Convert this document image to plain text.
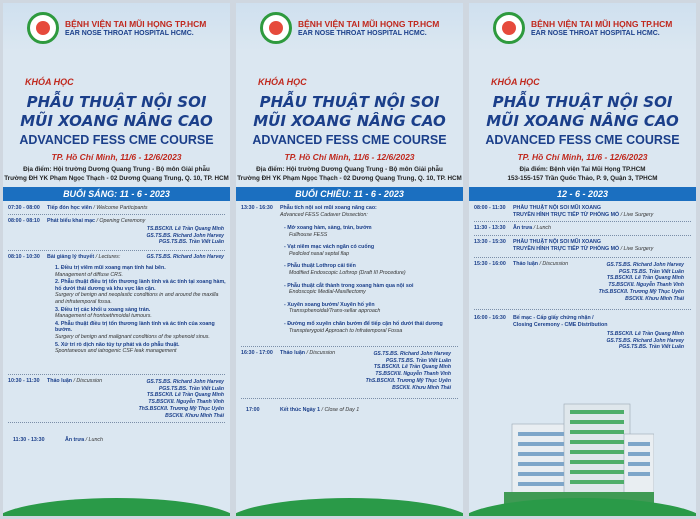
BỆNH VIỆN TAI MŨI HỌNG TP.HCM
EAR NOSE THROAT HOSPITAL HCMC.
KHÓA HỌC
PHẪU THUẬT NỘI SOI
MŨI XOANG NÂNG CAO
ADVANCED FESS CME COURSE
TP. Hồ Chí Minh, 11/6 - 12/6/2023
Địa điểm: Hội trường Dương Quang Trung - Bộ môn Giải phẫu
Trường ĐH YK Phạm Ngọc Thạch - 02 Dương Quang Trung, Q. 10, TP. HCM
BUỔI SÁNG: 11 - 6 - 2023
07:30 - 08:00 Tiếp đón học viên / Welcome Participants
08:00 - 08:10 Phát biểu khai mạc / Opening Ceremony
TS.BSCKII. Lê Trần Quang Minh
GS.TS.BS. Richard John Harvey
PGS.TS.BS. Trần Viết Luân
08:10 - 10:30 Bài giảng lý thuyết / Lectures:	GS.TS.BS. Richard John Harvey
1. Điều trị viêm mũi xoang mạn tính hai bên.
Management of diffuse CRS.
2. Phẫu thuật điều trị tổn thương lành tính và ác tính tại xoang hàm, hố dưới thái dương và khu vực lân cận.
Surgery of benign and neoplastic conditions in and around the maxilla and infratemporal fossa.
3. Điều trị các khối u xoang sàng trán.
Management of frontoethmoidal tumours.
4. Phẫu thuật điều trị tổn thương lành tính và ác tính của xoang bướm.
Surgery of benign and malignant conditions of the sphenoid sinus.
5. Xử trí rò dịch não tủy tự phát và do phẫu thuật.
Spontaneous and iatrogenic CSF leak management
10:30 - 11:30 Thảo luận / Discussion	GS.TS.BS. Richard John Harvey
PGS.TS.BS. Trần Viết Luân
TS.BSCKII. Lê Trần Quang Minh
TS.BSCKII. Nguyễn Thanh Vinh
ThS.BSCKII. Trương Mỹ Thục Uyên
BSCKII. Khưu Minh Thái
11:30 - 13:30	Ăn trưa / Lunch
BỆNH VIỆN TAI MŨI HỌNG TP.HCM
EAR NOSE THROAT HOSPITAL HCMC.
KHÓA HỌC
PHẪU THUẬT NỘI SOI
MŨI XOANG NÂNG CAO
ADVANCED FESS CME COURSE
TP. Hồ Chí Minh, 11/6 - 12/6/2023
Địa điểm: Hội trường Dương Quang Trung - Bộ môn Giải phẫu
Trường ĐH YK Phạm Ngọc Thạch - 02 Dương Quang Trung, Q. 10, TP. HCM
BUỔI CHIỀU: 11 - 6 - 2023
13:30 - 16:30 Phẫu tích nội soi mũi xoang nâng cao:
Advanced FESS Cadaver Dissection:
- Mở xoang hàm, sàng, trán, bướm
Fullhouse FESS
- Vạt niêm mạc vách ngăn có cuống
Pedicled nasal septal flap
- Phẫu thuật Lothrop cải tiến
Modified Endoscopic Lothrop (Draft III Procedure)
- Phẫu thuật cắt thành trong xoang hàm qua nội soi
Endoscopic Medial-Maxillectomy
- Xuyên xoang bướm/ Xuyên hố yên
Transsphenoidal/Trans-sellar approach
- Đường mổ xuyên chân bướm để tiếp cận hố dưới thái dương
Transpterygoid Approach to Infratemporal Fossa
16:30 - 17:00 Thảo luận / Discussion	GS.TS.BS. Richard John Harvey
PGS.TS.BS. Trần Viết Luân
TS.BSCKII. Lê Trần Quang Minh
TS.BSCKII. Nguyễn Thanh Vinh
ThS.BSCKII. Trương Mỹ Thục Uyên
BSCKII. Khưu Minh Thái
17:00	Kết thúc Ngày 1 / Close of Day 1
BỆNH VIỆN TAI MŨI HỌNG TP.HCM
EAR NOSE THROAT HOSPITAL HCMC.
KHÓA HỌC
PHẪU THUẬT NỘI SOI
MŨI XOANG NÂNG CAO
ADVANCED FESS CME COURSE
TP. Hồ Chí Minh, 11/6 - 12/6/2023
Địa điểm: Bệnh viện Tai Mũi Họng TP.HCM
153-155-157 Trần Quốc Thảo, P. 9, Quận 3, TPHCM
12 - 6 - 2023
08:00 - 11:30 PHẪU THUẬT NỘI SOI MŨI XOANG
TRUYỀN HÌNH TRỰC TIẾP TỪ PHÒNG MỔ / Live Surgery
11:30 - 13:30 Ăn trưa / Lunch
13:30 - 15:30 PHẪU THUẬT NỘI SOI MŨI XOANG
TRUYỀN HÌNH TRỰC TIẾP TỪ PHÒNG MỔ / Live Surgery
15:30 - 16:00 Thảo luận / Discussion	GS.TS.BS. Richard John Harvey
PGS.TS.BS. Trần Viết Luân
TS.BSCKII. Lê Trần Quang Minh
TS.BSCKII. Nguyễn Thanh Vinh
ThS.BSCKII. Trương Mỹ Thục Uyên
BSCKII. Khưu Minh Thái
16:00 - 16:30 Bế mạc - Cấp giấy chứng nhận /
Closing Ceremony - CME Distribution
TS.BSCKII. Lê Trần Quang Minh
GS.TS.BS. Richard John Harvey
PGS.TS.BS. Trần Viết Luân
